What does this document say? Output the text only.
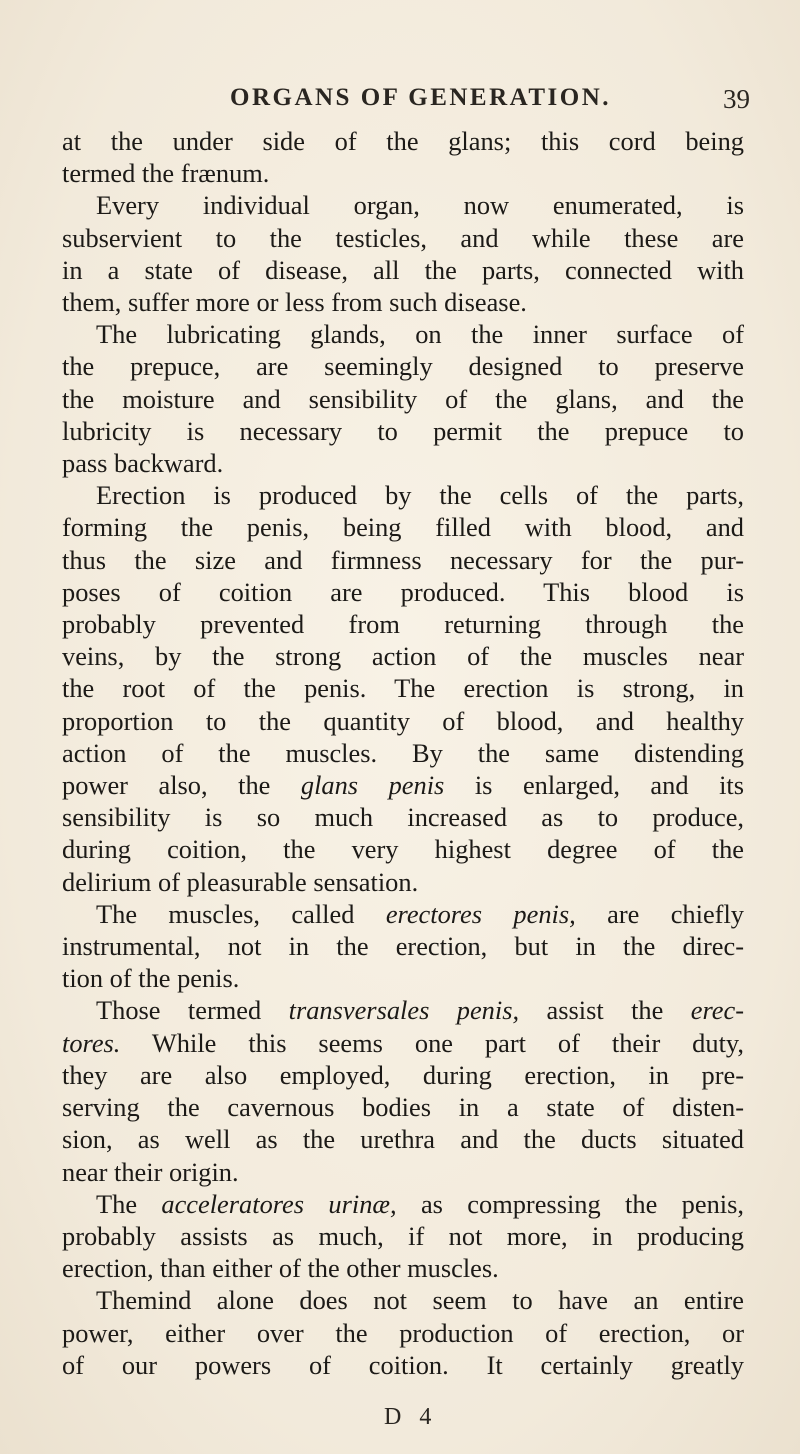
ORGANS OF GENERATION.	39
at the under side of the glans; this cord being
termed the frænum.
Every individual organ, now enumerated, is
subservient to the testicles, and while these are
in a state of disease, all the parts, connected with
them, suffer more or less from such disease.
The lubricating glands, on the inner surface of
the prepuce, are seemingly designed to preserve
the moisture and sensibility of the glans, and the
lubricity is necessary to permit the prepuce to
pass backward.
Erection is produced by the cells of the parts,
forming the penis, being filled with blood, and
thus the size and firmness necessary for the pur-
poses of coition are produced. This blood is
probably prevented from returning through the
veins, by the strong action of the muscles near
the root of the penis. The erection is strong, in
proportion to the quantity of blood, and healthy
action of the muscles. By the same distending
power also, the glans penis is enlarged, and its
sensibility is so much increased as to produce,
during coition, the very highest degree of the
delirium of pleasurable sensation.
The muscles, called erectores penis, are chiefly
instrumental, not in the erection, but in the direc-
tion of the penis.
Those termed transversales penis, assist the erec-
tores. While this seems one part of their duty,
they are also employed, during erection, in pre-
serving the cavernous bodies in a state of disten-
sion, as well as the urethra and the ducts situated
near their origin.
The acceleratores urinæ, as compressing the penis,
probably assists as much, if not more, in producing
erection, than either of the other muscles.
Themind alone does not seem to have an entire
power, either over the production of erection, or
of our powers of coition. It certainly greatly
D 4
